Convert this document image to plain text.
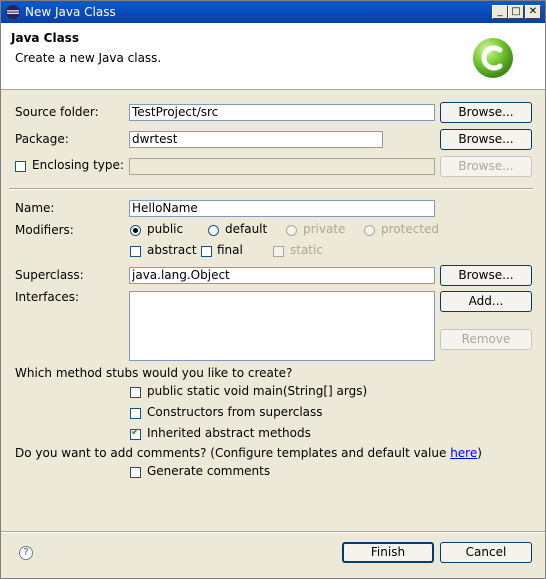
New Java Class	_ □ ✕
Java Class
Create a new Java class.
Source folder:	TestProject/src	Browse...
Package:	dwrtest	Browse...
Enclosing type:	Browse...
Name:	HelloName
Modifiers:	public	default	private	protected
abstract final	static
Superclass:	java.lang.Object	Browse...
Interfaces:	Add...
Remove
Which method stubs would you like to create?
public static void main(String[] args)
Constructors from superclass
✔
Inherited abstract methods
Do you want to add comments? (Configure templates and default value here)
Generate comments
?	Finish	Cancel
